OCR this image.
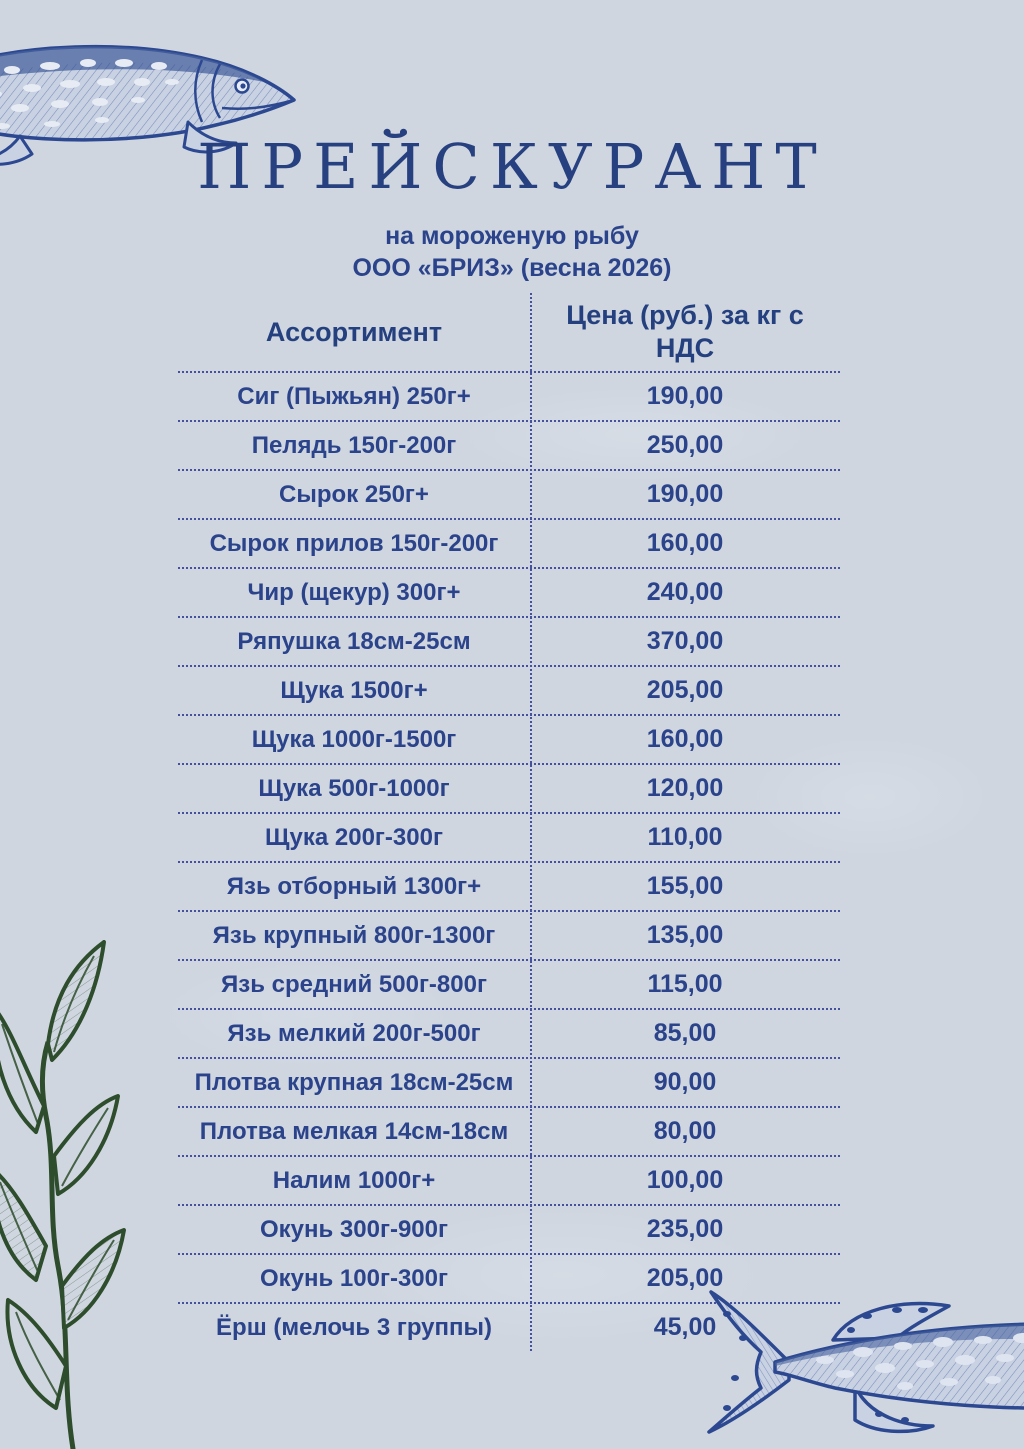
ПРЕЙСКУРАНТ
на мороженую рыбу
ООО «БРИЗ» (весна 2026)
Ассортимент
Цена (руб.) за кг с НДС
Сиг (Пыжьян) 250г+	190,00
Пелядь 150г-200г	250,00
Сырок 250г+	190,00
Сырок прилов 150г-200г	160,00
Чир (щекур) 300г+	240,00
Ряпушка 18см-25см	370,00
Щука 1500г+	205,00
Щука 1000г-1500г	160,00
Щука 500г-1000г	120,00
Щука 200г-300г	110,00
Язь отборный 1300г+	155,00
Язь крупный 800г-1300г	135,00
Язь средний 500г-800г	115,00
Язь мелкий 200г-500г	85,00
Плотва крупная 18см-25см	90,00
Плотва мелкая 14см-18см	80,00
Налим 1000г+	100,00
Окунь 300г-900г	235,00
Окунь 100г-300г	205,00
Ёрш (мелочь 3 группы)	45,00
